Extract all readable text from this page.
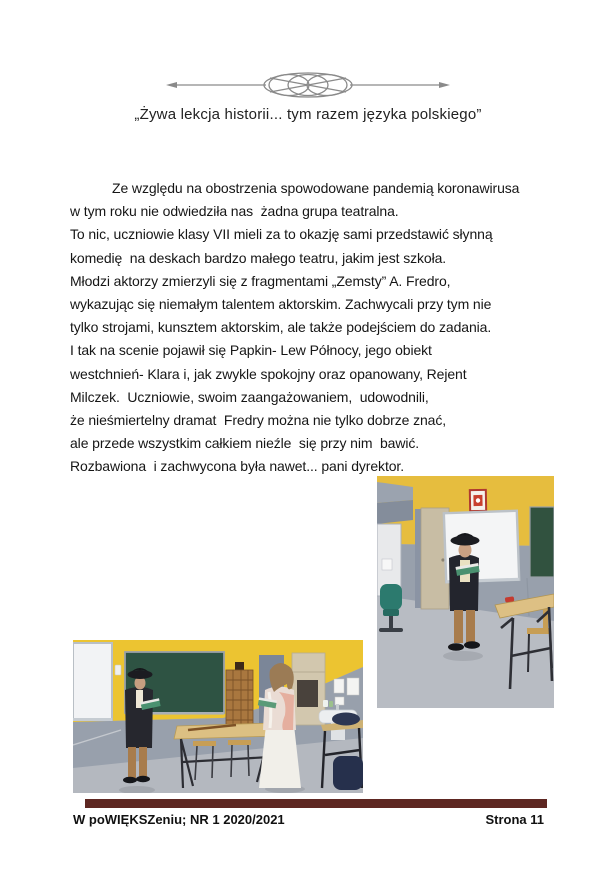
„Żywa lekcja historii... tym razem języka polskiego”
Ze względu na obostrzenia spowodowane pandemią koronawirusa
w tym roku nie odwiedziła nas  żadna grupa teatralna.
To nic, uczniowie klasy VII mieli za to okazję sami przedstawić słynną
komedię  na deskach bardzo małego teatru, jakim jest szkoła.
Młodzi aktorzy zmierzyli się z fragmentami „Zemsty” A. Fredro,
wykazując się niemałym talentem aktorskim. Zachwycali przy tym nie
tylko strojami, kunsztem aktorskim, ale także podejściem do zadania.
I tak na scenie pojawił się Papkin- Lew Północy, jego obiekt
westchnień- Klara i, jak zwykle spokojny oraz opanowany, Rejent
Milczek.  Uczniowie, swoim zaangażowaniem,  udowodnili,
że nieśmiertelny dramat  Fredry można nie tylko dobrze znać,
ale przede wszystkim całkiem nieźle  się przy nim  bawić.
Rozbawiona  i zachwycona była nawet... pani dyrektor.
W poWIĘKSZeniu; NR 1 2020/2021	Strona 11
